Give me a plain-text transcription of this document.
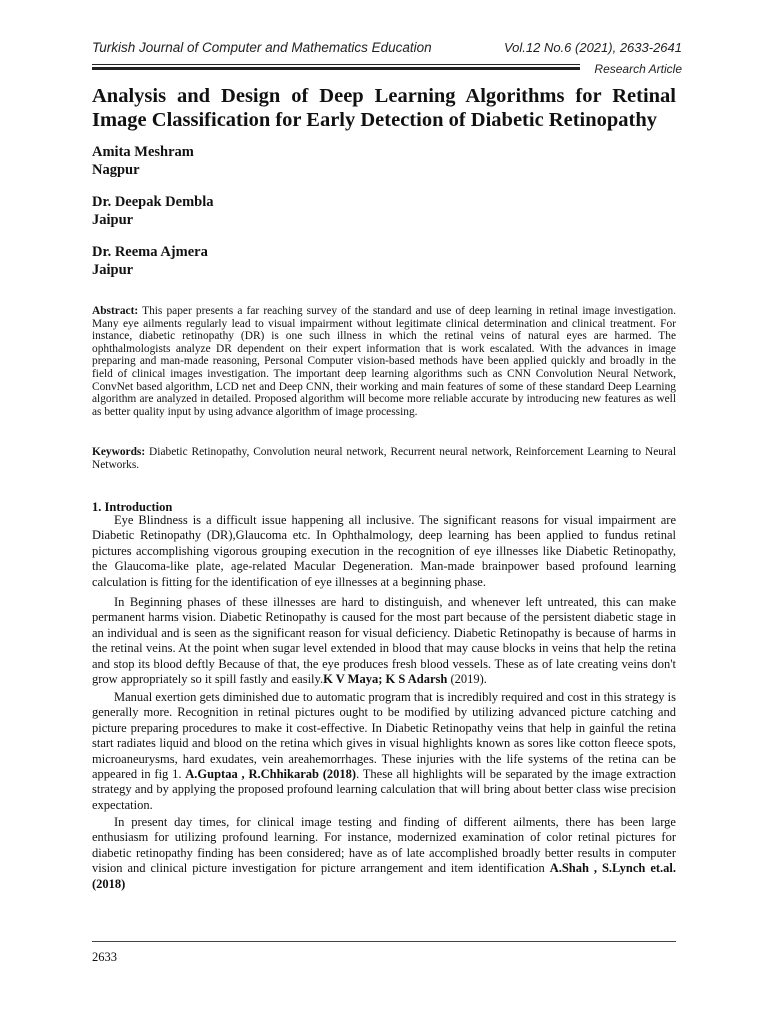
Turkish Journal of Computer and Mathematics Education	Vol.12 No.6 (2021), 2633-2641
Research Article
Analysis and Design of Deep Learning Algorithms for Retinal Image Classification for Early Detection of Diabetic Retinopathy
Amita Meshram
Nagpur
Dr. Deepak Dembla
Jaipur
Dr. Reema Ajmera
Jaipur

Abstract: This paper presents a far reaching survey of the standard and use of deep learning in retinal image investigation. Many eye ailments regularly lead to visual impairment without legitimate clinical determination and clinical treatment. For instance, diabetic retinopathy (DR) is one such illness in which the retinal veins of natural eyes are harmed. The ophthalmologists analyze DR dependent on their expert information that is work escalated. With the advances in image preparing and man-made reasoning, Personal Computer vision-based methods have been applied quickly and broadly in the field of clinical images investigation. The important deep learning algorithms such as CNN Convolution Neural Network, ConvNet based algorithm, LCD net and Deep CNN, their working and main features of some of these standard Deep Learning algorithm are analyzed in detailed. Proposed algorithm will become more reliable accurate by introducing new features as well as better quality input by using advance algorithm of image processing.

Keywords: Diabetic Retinopathy, Convolution neural network, Recurrent neural network, Reinforcement Learning to Neural Networks.

1. Introduction

Eye Blindness is a difficult issue happening all inclusive. The significant reasons for visual impairment are Diabetic Retinopathy (DR),Glaucoma etc. In Ophthalmology, deep learning has been applied to fundus retinal pictures accomplishing vigorous grouping execution in the recognition of eye illnesses like Diabetic Retinopathy, the Glaucoma-like plate, age-related Macular Degeneration. Man-made brainpower based profound learning calculation is fitting for the identification of eye illnesses at a beginning phase.

In Beginning phases of these illnesses are hard to distinguish, and whenever left untreated, this can make permanent harms vision. Diabetic Retinopathy is caused for the most part because of the persistent diabetic stage in an individual and is seen as the significant reason for visual deficiency. Diabetic Retinopathy is because of harms in the retinal veins. At the point when sugar level extended in blood that may cause blocks in veins that help the retina and stop its blood deftly Because of that, the eye produces fresh blood vessels. These as of late creating veins don't grow appropriately so it spill fastly and easily.K V Maya; K S Adarsh (2019).

Manual exertion gets diminished due to automatic program that is incredibly required and cost in this strategy is generally more. Recognition in retinal pictures ought to be modified by utilizing advanced picture catching and picture preparing procedures to make it cost-effective. In Diabetic Retinopathy veins that help in gainful the retina start radiates liquid and blood on the retina which gives in visual highlights known as sores like cotton fleece spots, microaneurysms, hard exudates, vein areahemorrhages. These injuries with the life systems of the retina can be appeared in fig 1. A.Guptaa , R.Chhikarab (2018). These all highlights will be separated by the image extraction strategy and by applying the proposed profound learning calculation that will bring about better class wise precision expectation.

In present day times, for clinical image testing and finding of different ailments, there has been large enthusiasm for utilizing profound learning. For instance, modernized examination of color retinal pictures for diabetic retinopathy finding has been considered; have as of late accomplished broadly better results in computer vision and clinical picture investigation for picture arrangement and item identification A.Shah , S.Lynch et.al.(2018)

2633
